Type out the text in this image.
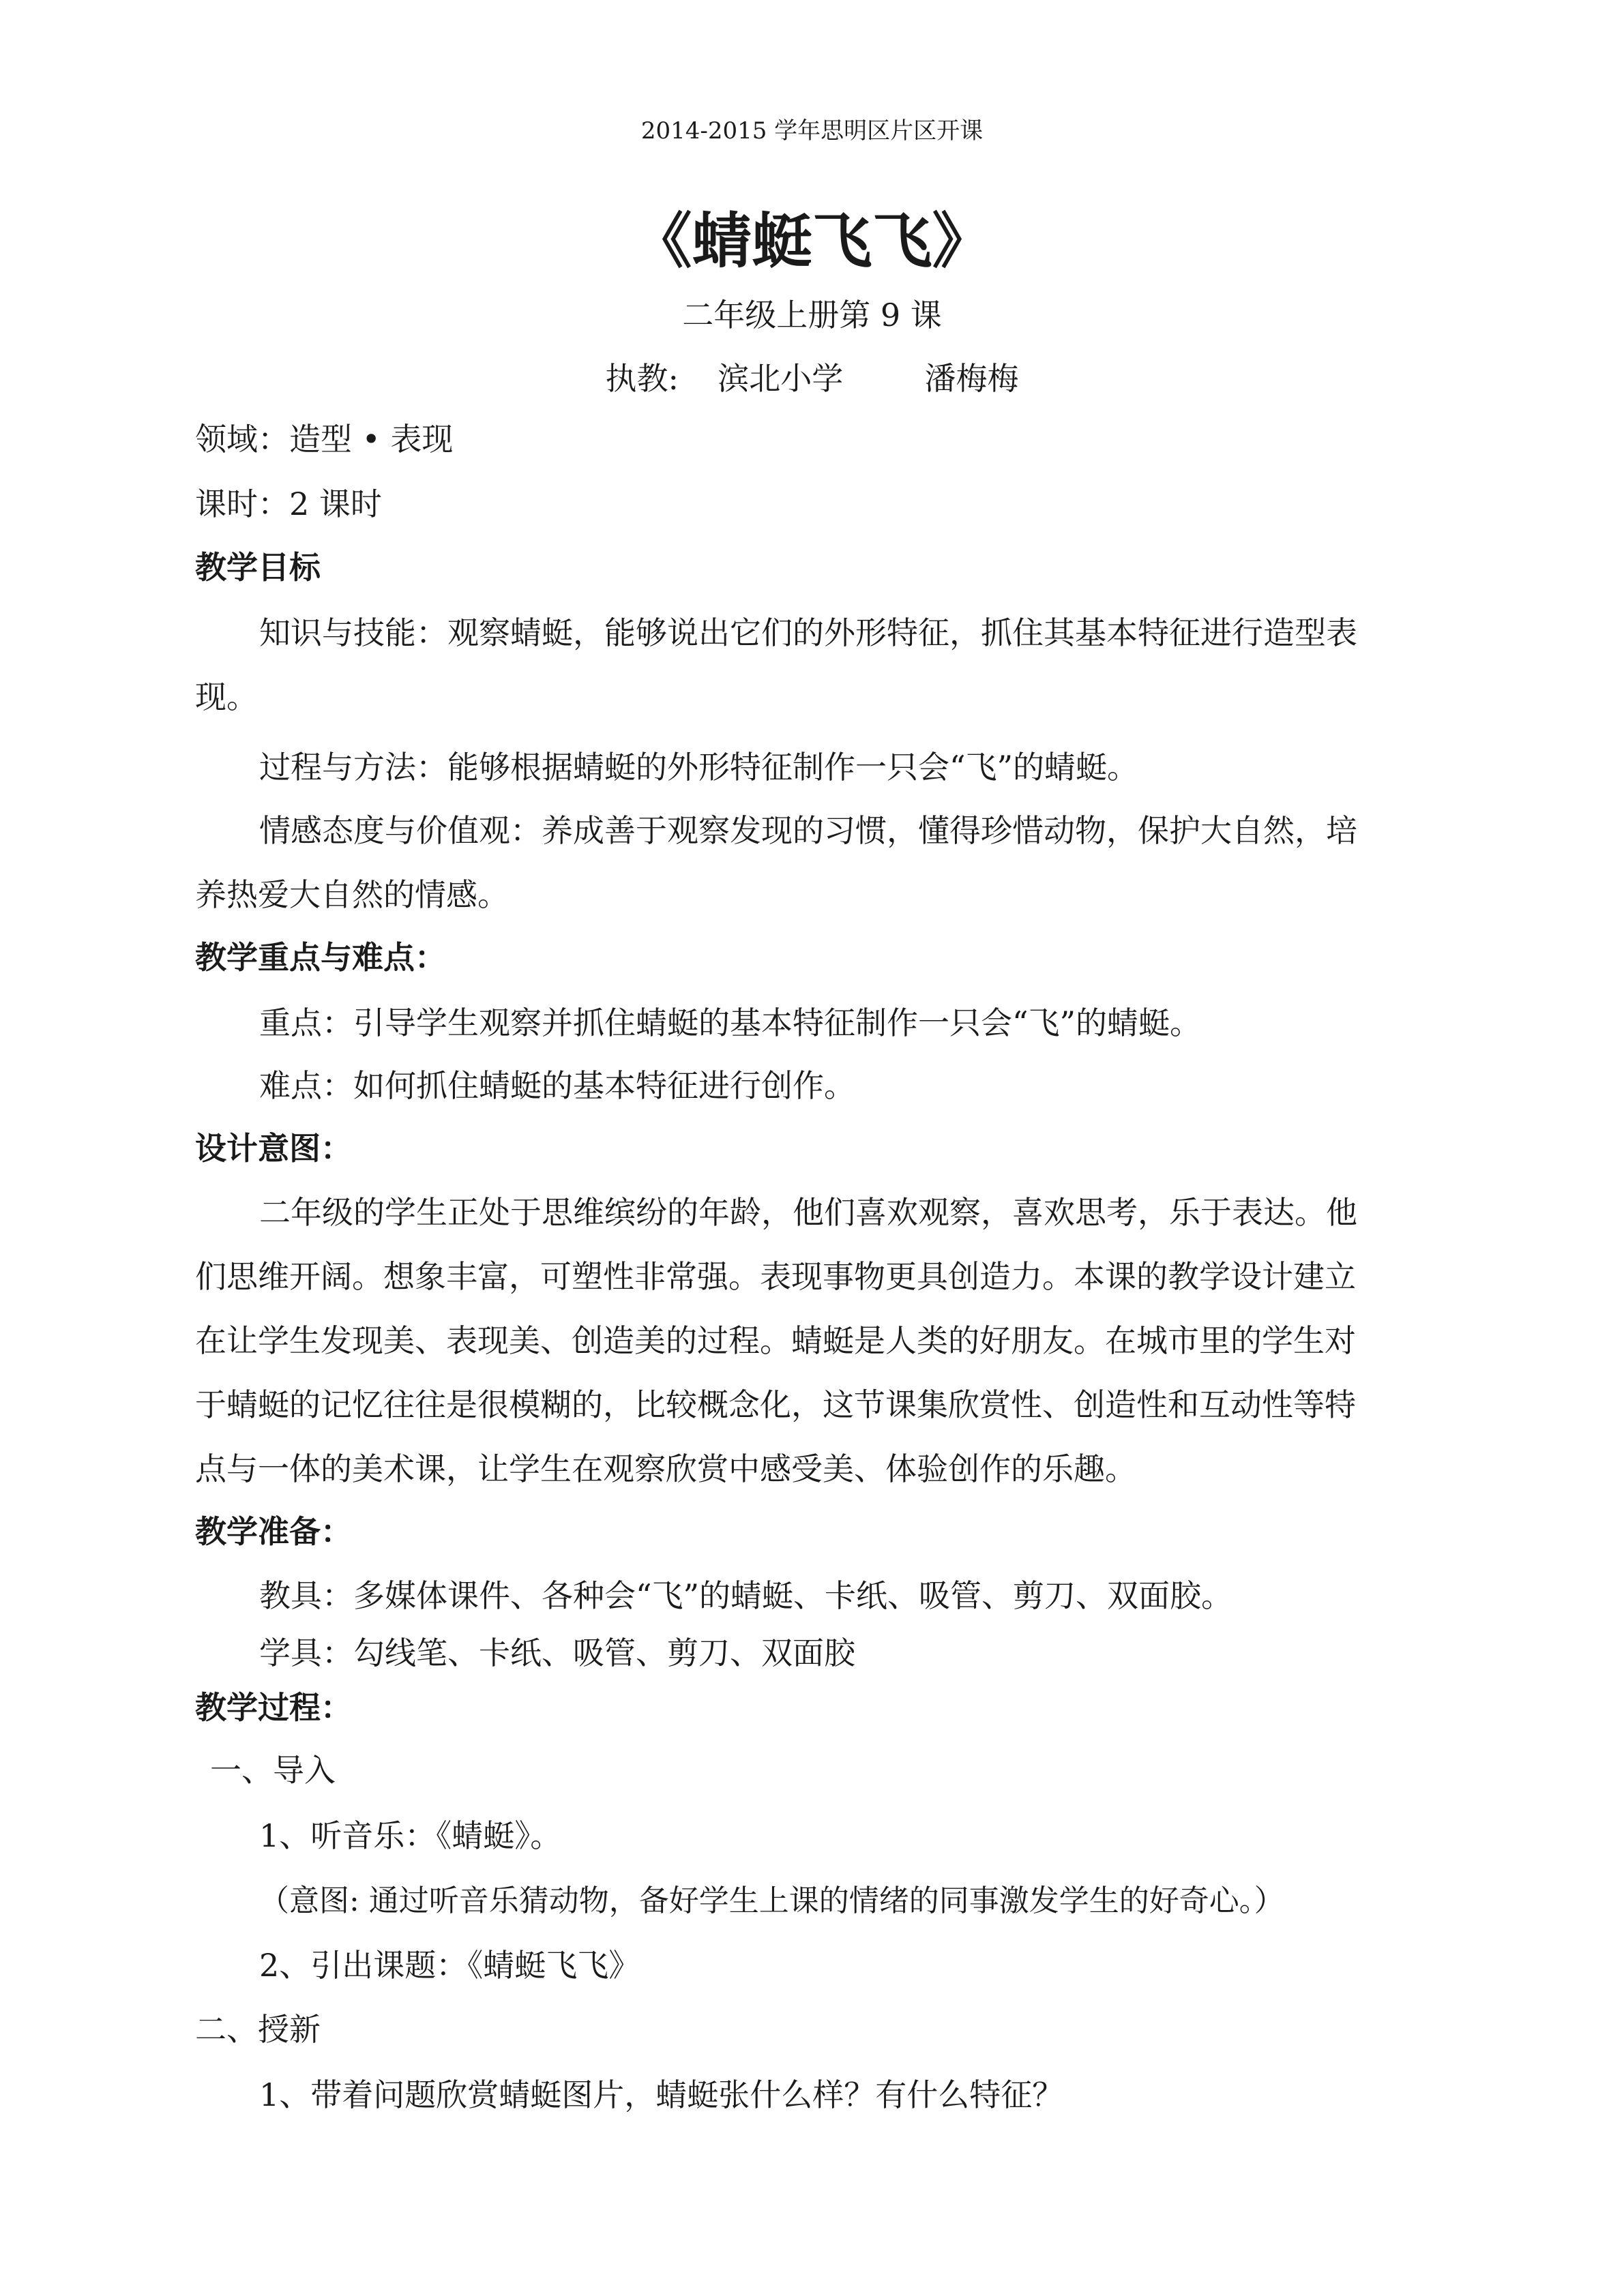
2014-2015 学年思明区片区开课
《蜻蜓飞飞》
二年级上册第 9 课
执教: 滨北小学	潘梅梅
领域：造型 • 表现
课时：2 课时
教学目标
知识与技能：观察蜻蜓，能够说出它们的外形特征，抓住其基本特征进行造型表
现。
过程与方法：能够根据蜻蜓的外形特征制作一只会“飞”的蜻蜓。
情感态度与价值观：养成善于观察发现的习惯，懂得珍惜动物，保护大自然，培
养热爱大自然的情感。
教学重点与难点：
重点：引导学生观察并抓住蜻蜓的基本特征制作一只会“飞”的蜻蜓。
难点：如何抓住蜻蜓的基本特征进行创作。
设计意图：
二年级的学生正处于思维缤纷的年龄，他们喜欢观察，喜欢思考，乐于表达。他
们思维开阔。想象丰富，可塑性非常强。表现事物更具创造力。本课的教学设计建立
在让学生发现美、表现美、创造美的过程。蜻蜓是人类的好朋友。在城市里的学生对
于蜻蜓的记忆往往是很模糊的，比较概念化，这节课集欣赏性、创造性和互动性等特
点与一体的美术课，让学生在观察欣赏中感受美、体验创作的乐趣。
教学准备：
教具：多媒体课件、各种会“飞”的蜻蜓、卡纸、吸管、剪刀、双面胶。
学具：勾线笔、卡纸、吸管、剪刀、双面胶
教学过程：
一、导入
1、听音乐：《蜻蜓》。
（意图: 通过听音乐猜动物，备好学生上课的情绪的同事激发学生的好奇心。）
2、引出课题：《蜻蜓飞飞》
二、授新
1、带着问题欣赏蜻蜓图片，蜻蜓张什么样？有什么特征？
